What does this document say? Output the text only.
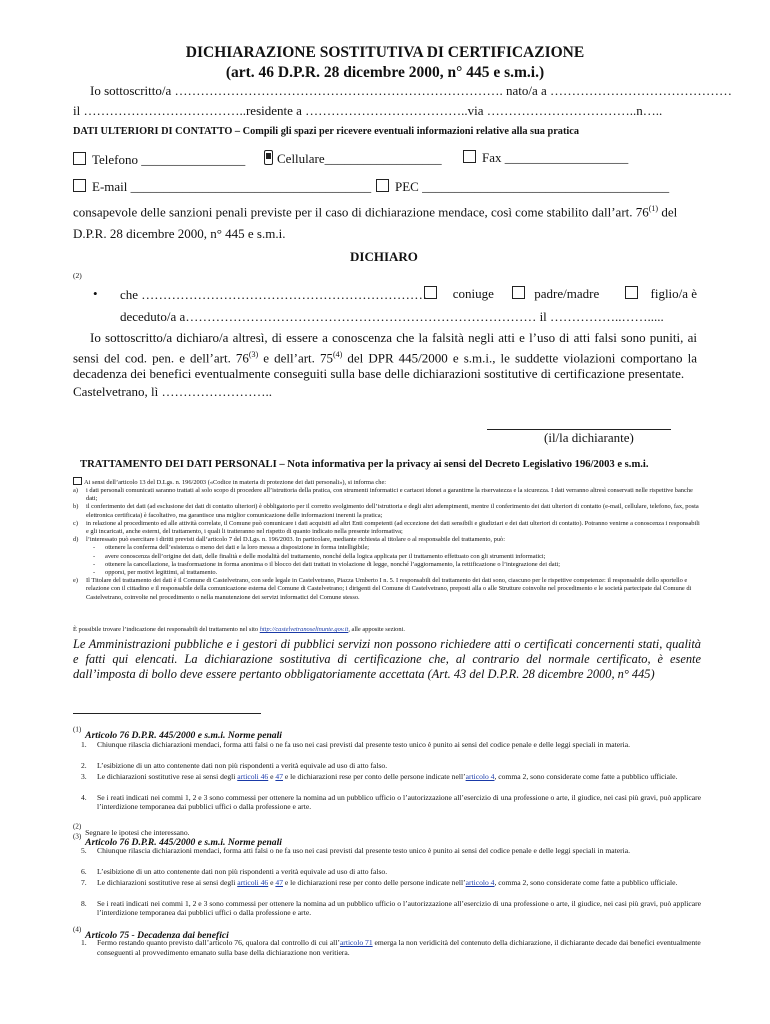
DICHIARAZIONE SOSTITUTIVA DI CERTIFICAZIONE
(art. 46 D.P.R. 28 dicembre 2000, n° 445 e s.m.i.)
Io sottoscritto/a …………………………………………………………………. nato/a a ……………………………………
il ………………………………..residente a ………………………………..via ……………………………..n…..
DATI ULTERIORI DI CONTATTO – Compili gli spazi per ricevere eventuali informazioni relative alla sua pratica
Telefono ________________	Cellulare__________________	Fax ___________________
E-mail _____________________________________	PEC ______________________________________
consapevole delle sanzioni penali previste per il caso di dichiarazione mendace, così come stabilito dall’art. 76$^{(1)}$ del
D.P.R. 28 dicembre 2000, n° 445 e s.m.i.
DICHIARO
(2)
• che …………………………………………………………	coniuge	padre/madre	figlio/a è
deceduto/a a……………………………………………………………………… il ……………..…….....
Io sottoscritto/a dichiaro/a altresì, di essere a conoscenza che la falsità negli atti e l’uso di atti falsi sono puniti, ai sensi del cod. pen. e dell’art. 76$^{(3)}$ e dell’art. 75$^{(4)}$ del DPR 445/2000 e s.m.i., le suddette violazioni comportano la decadenza dei benefici eventualmente conseguiti sulla base delle dichiarazioni sostitutive di certificazione presentate.
Castelvetrano, lì ……………………..
(il/la dichiarante)
TRATTAMENTO DEI DATI PERSONALI – Nota informativa per la privacy ai sensi del Decreto Legislativo 196/2003 e s.m.i.
Ai sensi dell’articolo 13 del D.Lgs. n. 196/2003 («Codice in materia di protezione dei dati personali»), si informa che:
a) i dati personali comunicati saranno trattati al solo scopo di procedere all’istruttoria della pratica, con strumenti informatici e cartacei idonei a garantirne la riservatezza e la sicurezza. I dati verranno altresì conservati nelle rispettive banche dati;
b) il conferimento dei dati (ad esclusione dei dati di contatto ulteriori) è obbligatorio per il corretto svolgimento dell’istruttoria e degli altri adempimenti, mentre il conferimento dei dati ulteriori di contatto (e-mail, cellulare, telefono, fax, posta elettronica certificata) è facoltativo, ma garantisce una miglior comunicazione delle informazioni inerenti la pratica;
c) in relazione al procedimento ed alle attività correlate, il Comune può comunicare i dati acquisiti ad altri Enti competenti (ad eccezione dei dati sensibili e giudiziari e dei dati ulteriori di contatto). Potranno venirne a conoscenza i responsabili e gli incaricati, anche esterni, del trattamento, i quali li tratteranno nel rispetto di quanto indicato nella presente informativa;
d) l’interessato può esercitare i diritti previsti dall’articolo 7 del D.Lgs. n. 196/2003. In particolare, mediante richiesta al titolare o al responsabile del trattamento, può:
- ottenere la conferma dell’esistenza o meno dei dati e la loro messa a disposizione in forma intelligibile;
- avere conoscenza dell’origine dei dati, delle finalità e delle modalità del trattamento, nonché della logica applicata per il trattamento effettuato con gli strumenti informatici;
- ottenere la cancellazione, la trasformazione in forma anonima o il blocco dei dati trattati in violazione di legge, nonché l’aggiornamento, la rettificazione o l’integrazione dei dati;
- opporsi, per motivi legittimi, al trattamento.
e) Il Titolare del trattamento dei dati è il Comune di Castelvetrano, con sede legale in Castelvetrano, Piazza Umberto I n. 5. I responsabili del trattamento dei dati sono, ciascuno per le rispettive competenze: il responsabile dello sportello e relazione con il cittadino e il responsabile della comunicazione esterna del Comune di Castelvetrano; i dirigenti del Comune di Castelvetrano, preposti alla o alle Strutture coinvolte nel procedimento e le società partecipate dal Comune di Castelvetrano, coinvolte nel procedimento o nella manutenzione dei servizi informatici del Comune stesso.
È possibile trovare l’indicazione dei responsabili del trattamento nel sito http://castelvetranoselinunte.gov.it, alle apposite sezioni.
Le Amministrazioni pubbliche e i gestori di pubblici servizi non possono richiedere atti o certificati concernenti stati, qualità e fatti qui elencati. La dichiarazione sostitutiva di certificazione che, al contrario del normale certificato, è esente dall’imposta di bollo deve essere pertanto obbligatoriamente accettata (Art. 43 del D.P.R. 28 dicembre 2000, n° 445)
$^{(1)}$ Articolo 76 D.P.R. 445/2000 e s.m.i. Norme penali
1. Chiunque rilascia dichiarazioni mendaci, forma atti falsi o ne fa uso nei casi previsti dal presente testo unico è punito ai sensi del codice penale e delle leggi speciali in materia.
2. L’esibizione di un atto contenente dati non più rispondenti a verità equivale ad uso di atto falso.
3. Le dichiarazioni sostitutive rese ai sensi degli articoli 46 e 47 e le dichiarazioni rese per conto delle persone indicate nell’articolo 4, comma 2, sono considerate come fatte a pubblico ufficiale.
4. Se i reati indicati nei commi 1, 2 e 3 sono commessi per ottenere la nomina ad un pubblico ufficio o l’autorizzazione all’esercizio di una professione o arte, il giudice, nei casi più gravi, può applicare l’interdizione temporanea dai pubblici uffici o dalla professione e arte.
$^{(2)}$ Segnare le ipotesi che interessano.
$^{(3)}$ Articolo 76 D.P.R. 445/2000 e s.m.i. Norme penali
5. Chiunque rilascia dichiarazioni mendaci, forma atti falsi o ne fa uso nei casi previsti dal presente testo unico è punito ai sensi del codice penale e delle leggi speciali in materia.
6. L’esibizione di un atto contenente dati non più rispondenti a verità equivale ad uso di atto falso.
7. Le dichiarazioni sostitutive rese ai sensi degli articoli 46 e 47 e le dichiarazioni rese per conto delle persone indicate nell’articolo 4, comma 2, sono considerate come fatte a pubblico ufficiale.
8. Se i reati indicati nei commi 1, 2 e 3 sono commessi per ottenere la nomina ad un pubblico ufficio o l’autorizzazione all’esercizio di una professione o arte, il giudice, nei casi più gravi, può applicare l’interdizione temporanea dai pubblici uffici o dalla professione e arte.
$^{(4)}$ Articolo 75 - Decadenza dai benefici
1. Fermo restando quanto previsto dall’articolo 76, qualora dal controllo di cui all’articolo 71 emerga la non veridicità del contenuto della dichiarazione, il dichiarante decade dai benefici eventualmente conseguenti al provvedimento emanato sulla base della dichiarazione non veritiera.
